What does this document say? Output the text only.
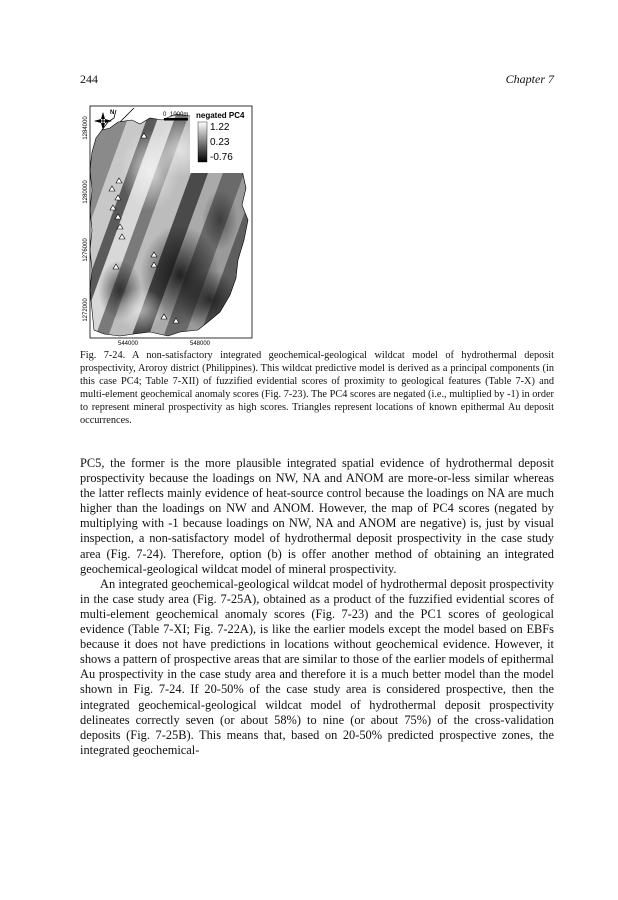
244	Chapter 7
negated PC4
1.22
0.23
-0.76
N	0 1000m
1284000
1280000
1276000
1272000
544000	548000
Fig. 7-24. A non-satisfactory integrated geochemical-geological wildcat model of hydrothermal deposit prospectivity, Aroroy district (Philippines). This wildcat predictive model is derived as a principal components (in this case PC4; Table 7-XII) of fuzzified evidential scores of proximity to geological features (Table 7-X) and multi-element geochemical anomaly scores (Fig. 7-23). The PC4 scores are negated (i.e., multiplied by -1) in order to represent mineral prospectivity as high scores. Triangles represent locations of known epithermal Au deposit occurrences.

PC5, the former is the more plausible integrated spatial evidence of hydrothermal deposit prospectivity because the loadings on NW, NA and ANOM are more-or-less similar whereas the latter reflects mainly evidence of heat-source control because the loadings on NA are much higher than the loadings on NW and ANOM. However, the map of PC4 scores (negated by multiplying with -1 because loadings on NW, NA and ANOM are negative) is, just by visual inspection, a non-satisfactory model of hydrothermal deposit prospectivity in the case study area (Fig. 7-24). Therefore, option (b) is offer another method of obtaining an integrated geochemical-geological wildcat model of mineral prospectivity.

An integrated geochemical-geological wildcat model of hydrothermal deposit prospectivity in the case study area (Fig. 7-25A), obtained as a product of the fuzzified evidential scores of multi-element geochemical anomaly scores (Fig. 7-23) and the PC1 scores of geological evidence (Table 7-XI; Fig. 7-22A), is like the earlier models except the model based on EBFs because it does not have predictions in locations without geochemical evidence. However, it shows a pattern of prospective areas that are similar to those of the earlier models of epithermal Au prospectivity in the case study area and therefore it is a much better model than the model shown in Fig. 7-24. If 20-50% of the case study area is considered prospective, then the integrated geochemical-geological wildcat model of hydrothermal deposit prospectivity delineates correctly seven (or about 58%) to nine (or about 75%) of the cross-validation deposits (Fig. 7-25B). This means that, based on 20-50% predicted prospective zones, the integrated geochemical-
